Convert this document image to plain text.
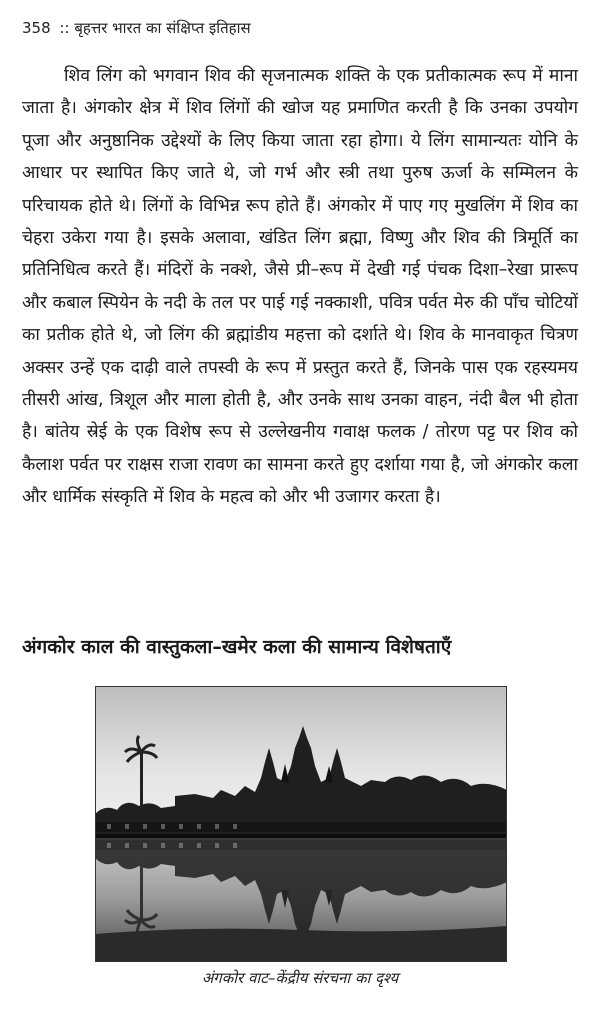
358 :: बृहत्तर भारत का संक्षिप्त इतिहास

शिव लिंग को भगवान शिव की सृजनात्मक शक्ति के एक प्रतीकात्मक रूप में माना जाता है। अंगकोर क्षेत्र में शिव लिंगों की खोज यह प्रमाणित करती है कि उनका उपयोग पूजा और अनुष्ठानिक उद्देश्यों के लिए किया जाता रहा होगा। ये लिंग सामान्यतः योनि के आधार पर स्थापित किए जाते थे, जो गर्भ और स्त्री तथा पुरुष ऊर्जा के सम्मिलन के परिचायक होते थे। लिंगों के विभिन्न रूप होते हैं। अंगकोर में पाए गए मुखलिंग में शिव का चेहरा उकेरा गया है। इसके अलावा, खंडित लिंग ब्रह्मा, विष्णु और शिव की त्रिमूर्ति का प्रतिनिधित्व करते हैं। मंदिरों के नक्शे, जैसे प्री–रूप में देखी गई पंचक दिशा–रेखा प्रारूप और कबाल स्पियेन के नदी के तल पर पाई गई नक्काशी, पवित्र पर्वत मेरु की पाँच चोटियों का प्रतीक होते थे, जो लिंग की ब्रह्मांडीय महत्ता को दर्शाते थे। शिव के मानवाकृत चित्रण अक्सर उन्हें एक दाढ़ी वाले तपस्वी के रूप में प्रस्तुत करते हैं, जिनके पास एक रहस्यमय तीसरी आंख, त्रिशूल और माला होती है, और उनके साथ उनका वाहन, नंदी बैल भी होता है। बांतेय स्रेई के एक विशेष रूप से उल्लेखनीय गवाक्ष फलक / तोरण पट्ट पर शिव को कैलाश पर्वत पर राक्षस राजा रावण का सामना करते हुए दर्शाया गया है, जो अंगकोर कला और धार्मिक संस्कृति में शिव के महत्व को और भी उजागर करता है।

अंगकोर काल की वास्तुकला–खमेर कला की सामान्य विशेषताएँ
अंगकोर वाट–केंद्रीय संरचना का दृश्य
